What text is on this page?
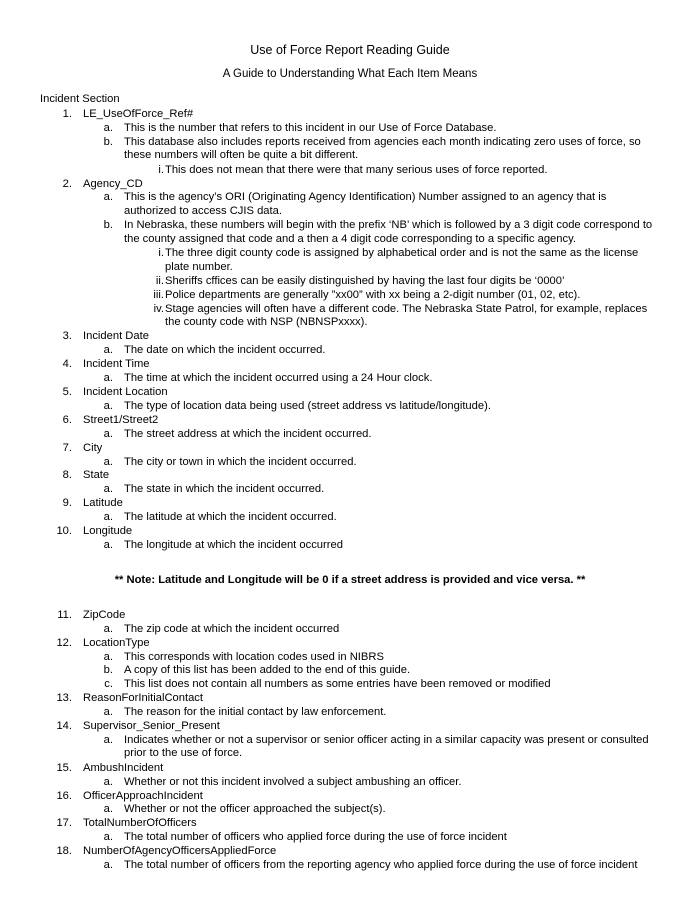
Use of Force Report Reading Guide
A Guide to Understanding What Each Item Means
Incident Section
1. LE_UseOfForce_Ref#
a. This is the number that refers to this incident in our Use of Force Database.
b. This database also includes reports received from agencies each month indicating zero uses of force, so these numbers will often be quite a bit different.
i. This does not mean that there were that many serious uses of force reported.
2. Agency_CD
a. This is the agency’s ORI (Originating Agency Identification) Number assigned to an agency that is authorized to access CJIS data.
b. In Nebraska, these numbers will begin with the prefix ‘NB’ which is followed by a 3 digit code correspond to the county assigned that code and a then a 4 digit code corresponding to a specific agency.
i. The three digit county code is assigned by alphabetical order and is not the same as the license plate number.
ii. Sheriffs cffices can be easily distinguished by having the last four digits be ‘0000’
iii. Police departments are generally ”xx00” with xx being a 2-digit number (01, 02, etc).
iv. Stage agencies will often have a different code. The Nebraska State Patrol, for example, replaces the county code with NSP (NBNSPxxxx).
3. Incident Date
a. The date on which the incident occurred.
4. Incident Time
a. The time at which the incident occurred using a 24 Hour clock.
5. Incident Location
a. The type of location data being used (street address vs latitude/longitude).
6. Street1/Street2
a. The street address at which the incident occurred.
7. City
a. The city or town in which the incident occurred.
8. State
a. The state in which the incident occurred.
9. Latitude
a. The latitude at which the incident occurred.
10. Longitude
a. The longitude at which the incident occurred
** Note: Latitude and Longitude will be 0 if a street address is provided and vice versa. **
11. ZipCode
a. The zip code at which the incident occurred
12. LocationType
a. This corresponds with location codes used in NIBRS
b. A copy of this list has been added to the end of this guide.
c. This list does not contain all numbers as some entries have been removed or modified
13. ReasonForInitialContact
a. The reason for the initial contact by law enforcement.
14. Supervisor_Senior_Present
a. Indicates whether or not a supervisor or senior officer acting in a similar capacity was present or consulted prior to the use of force.
15. AmbushIncident
a. Whether or not this incident involved a subject ambushing an officer.
16. OfficerApproachIncident
a. Whether or not the officer approached the subject(s).
17. TotalNumberOfOfficers
a. The total number of officers who applied force during the use of force incident
18. NumberOfAgencyOfficersAppliedForce
a. The total number of officers from the reporting agency who applied force during the use of force incident
